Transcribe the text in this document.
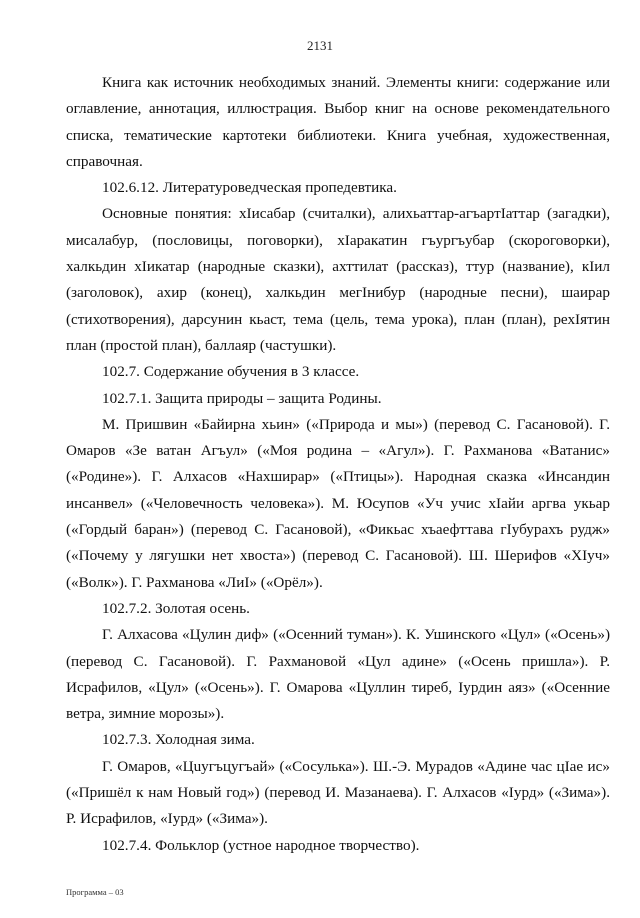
2131

Книга как источник необходимых знаний. Элементы книги: содержание или оглавление, аннотация, иллюстрация. Выбор книг на основе рекомендательного списка, тематические картотеки библиотеки. Книга учебная, художественная, справочная.

102.6.12. Литературоведческая пропедевтика.

Основные понятия: хIисабар (считалки), алихьаттар-агъартIаттар (загадки), мисалабур, (пословицы, поговорки), хIаракатин гъургъубар (скороговорки), халкьдин хIикатар (народные сказки), ахттилат (рассказ), ттур (название), кIил (заголовок), ахир (конец), халкьдин мегIнибур (народные песни), шаирар (стихотворения), дарсунин кьаст, тема (цель, тема урока), план (план), рехIятин план (простой план), баллаяр (частушки).

102.7. Содержание обучения в 3 классе.

102.7.1. Защита природы – защита Родины.

М. Пришвин «Байирна хьин» («Природа и мы») (перевод С. Гасановой). Г. Омаров «Зе ватан Агъул» («Моя родина – «Агул»). Г. Рахманова «Ватанис» («Родине»). Г. Алхасов «Нахширар» («Птицы»). Народная сказка «Инсандин инсанвел» («Человечность человека»). М. Юсупов «Уч учис хIайи аргва укьар («Гордый баран») (перевод С. Гасановой), «Фикьас хъаефттава гIубурахъ рудж» («Почему у лягушки нет хвоста») (перевод С. Гасановой). Ш. Шерифов «ХIуч» («Волк»). Г. Рахманова «ЛиI» («Орёл»).

102.7.2. Золотая осень.

Г. Алхасова «Цулин диф» («Осенний туман»). К. Ушинского «Цул» («Осень») (перевод С. Гасановой). Г. Рахмановой «Цул адине» («Осень пришла»). Р. Исрафилов, «Цул» («Осень»). Г. Омарова «Цуллин тиреб, Iурдин аяз» («Осенние ветра, зимние морозы»).

102.7.3. Холодная зима.

Г. Омаров, «Цuугъцугъай» («Сосулька»). Ш.-Э. Мурадов «Адине час цIае ис» («Пришёл к нам Новый год») (перевод И. Мазанаева). Г. Алхасов «Iурд» («Зима»). Р. Исрафилов, «Iурд» («Зима»).

102.7.4. Фольклор (устное народное творчество).

Программа – 03
